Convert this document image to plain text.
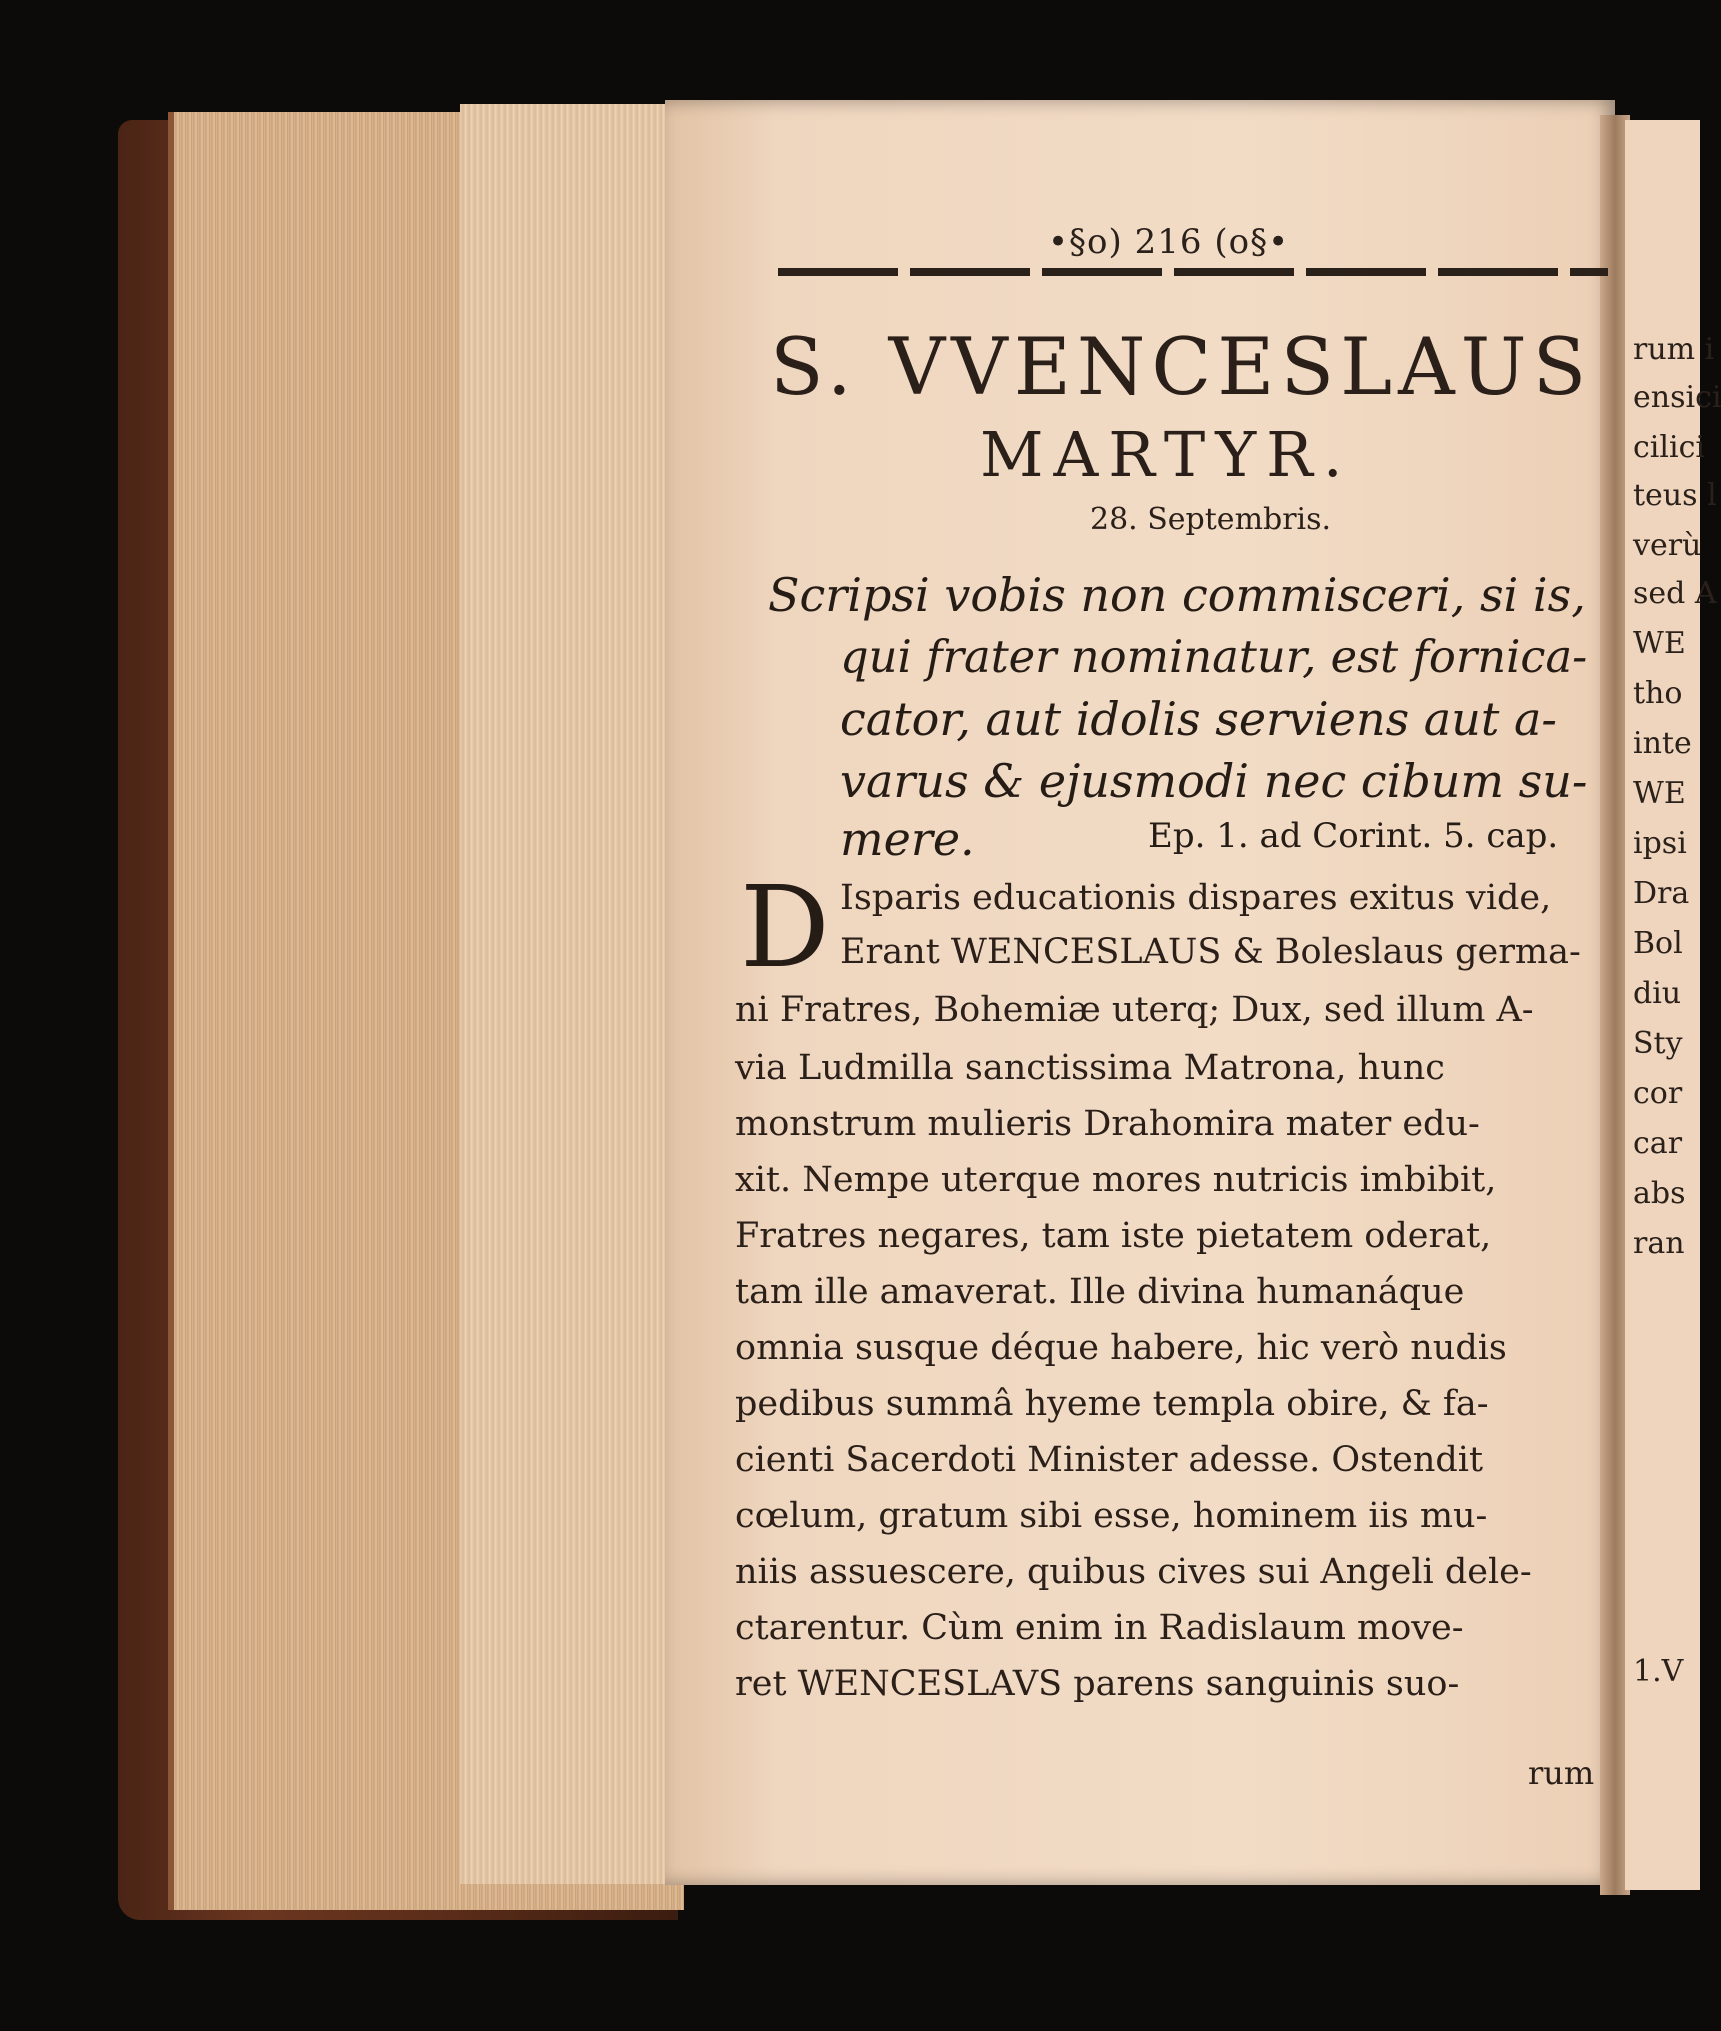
rum i
ensici
cilici
teus l
verù
sed A
WE
tho
inte
WE
ipsi
Dra
Bol
diu
Sty
cor
car
abs
ran
1.V
•§o) 216 (o§•
S. VVENCESLAUS
MARTYR.
28. Septembris.
Scripsi vobis non commisceri, si is,
qui frater nominatur, est fornica-
cator, aut idolis serviens aut a-
varus & ejusmodi nec cibum su-
mere.	Ep. 1. ad Corint. 5. cap.
D Isparis educationis dispares exitus vide,
Erant WENCESLAUS & Boleslaus germa-
ni Fratres, Bohemiæ uterq; Dux, sed illum A-
via Ludmilla sanctissima Matrona, hunc
monstrum mulieris Drahomira mater edu-
xit. Nempe uterque mores nutricis imbibit,
Fratres negares, tam iste pietatem oderat,
tam ille amaverat. Ille divina humanáque
omnia susque déque habere, hic verò nudis
pedibus summâ hyeme templa obire, & fa-
cienti Sacerdoti Minister adesse. Ostendit
cœlum, gratum sibi esse, hominem iis mu-
niis assuescere, quibus cives sui Angeli dele-
ctarentur. Cùm enim in Radislaum move-
ret WENCESLAVS parens sanguinis suo-
rum
